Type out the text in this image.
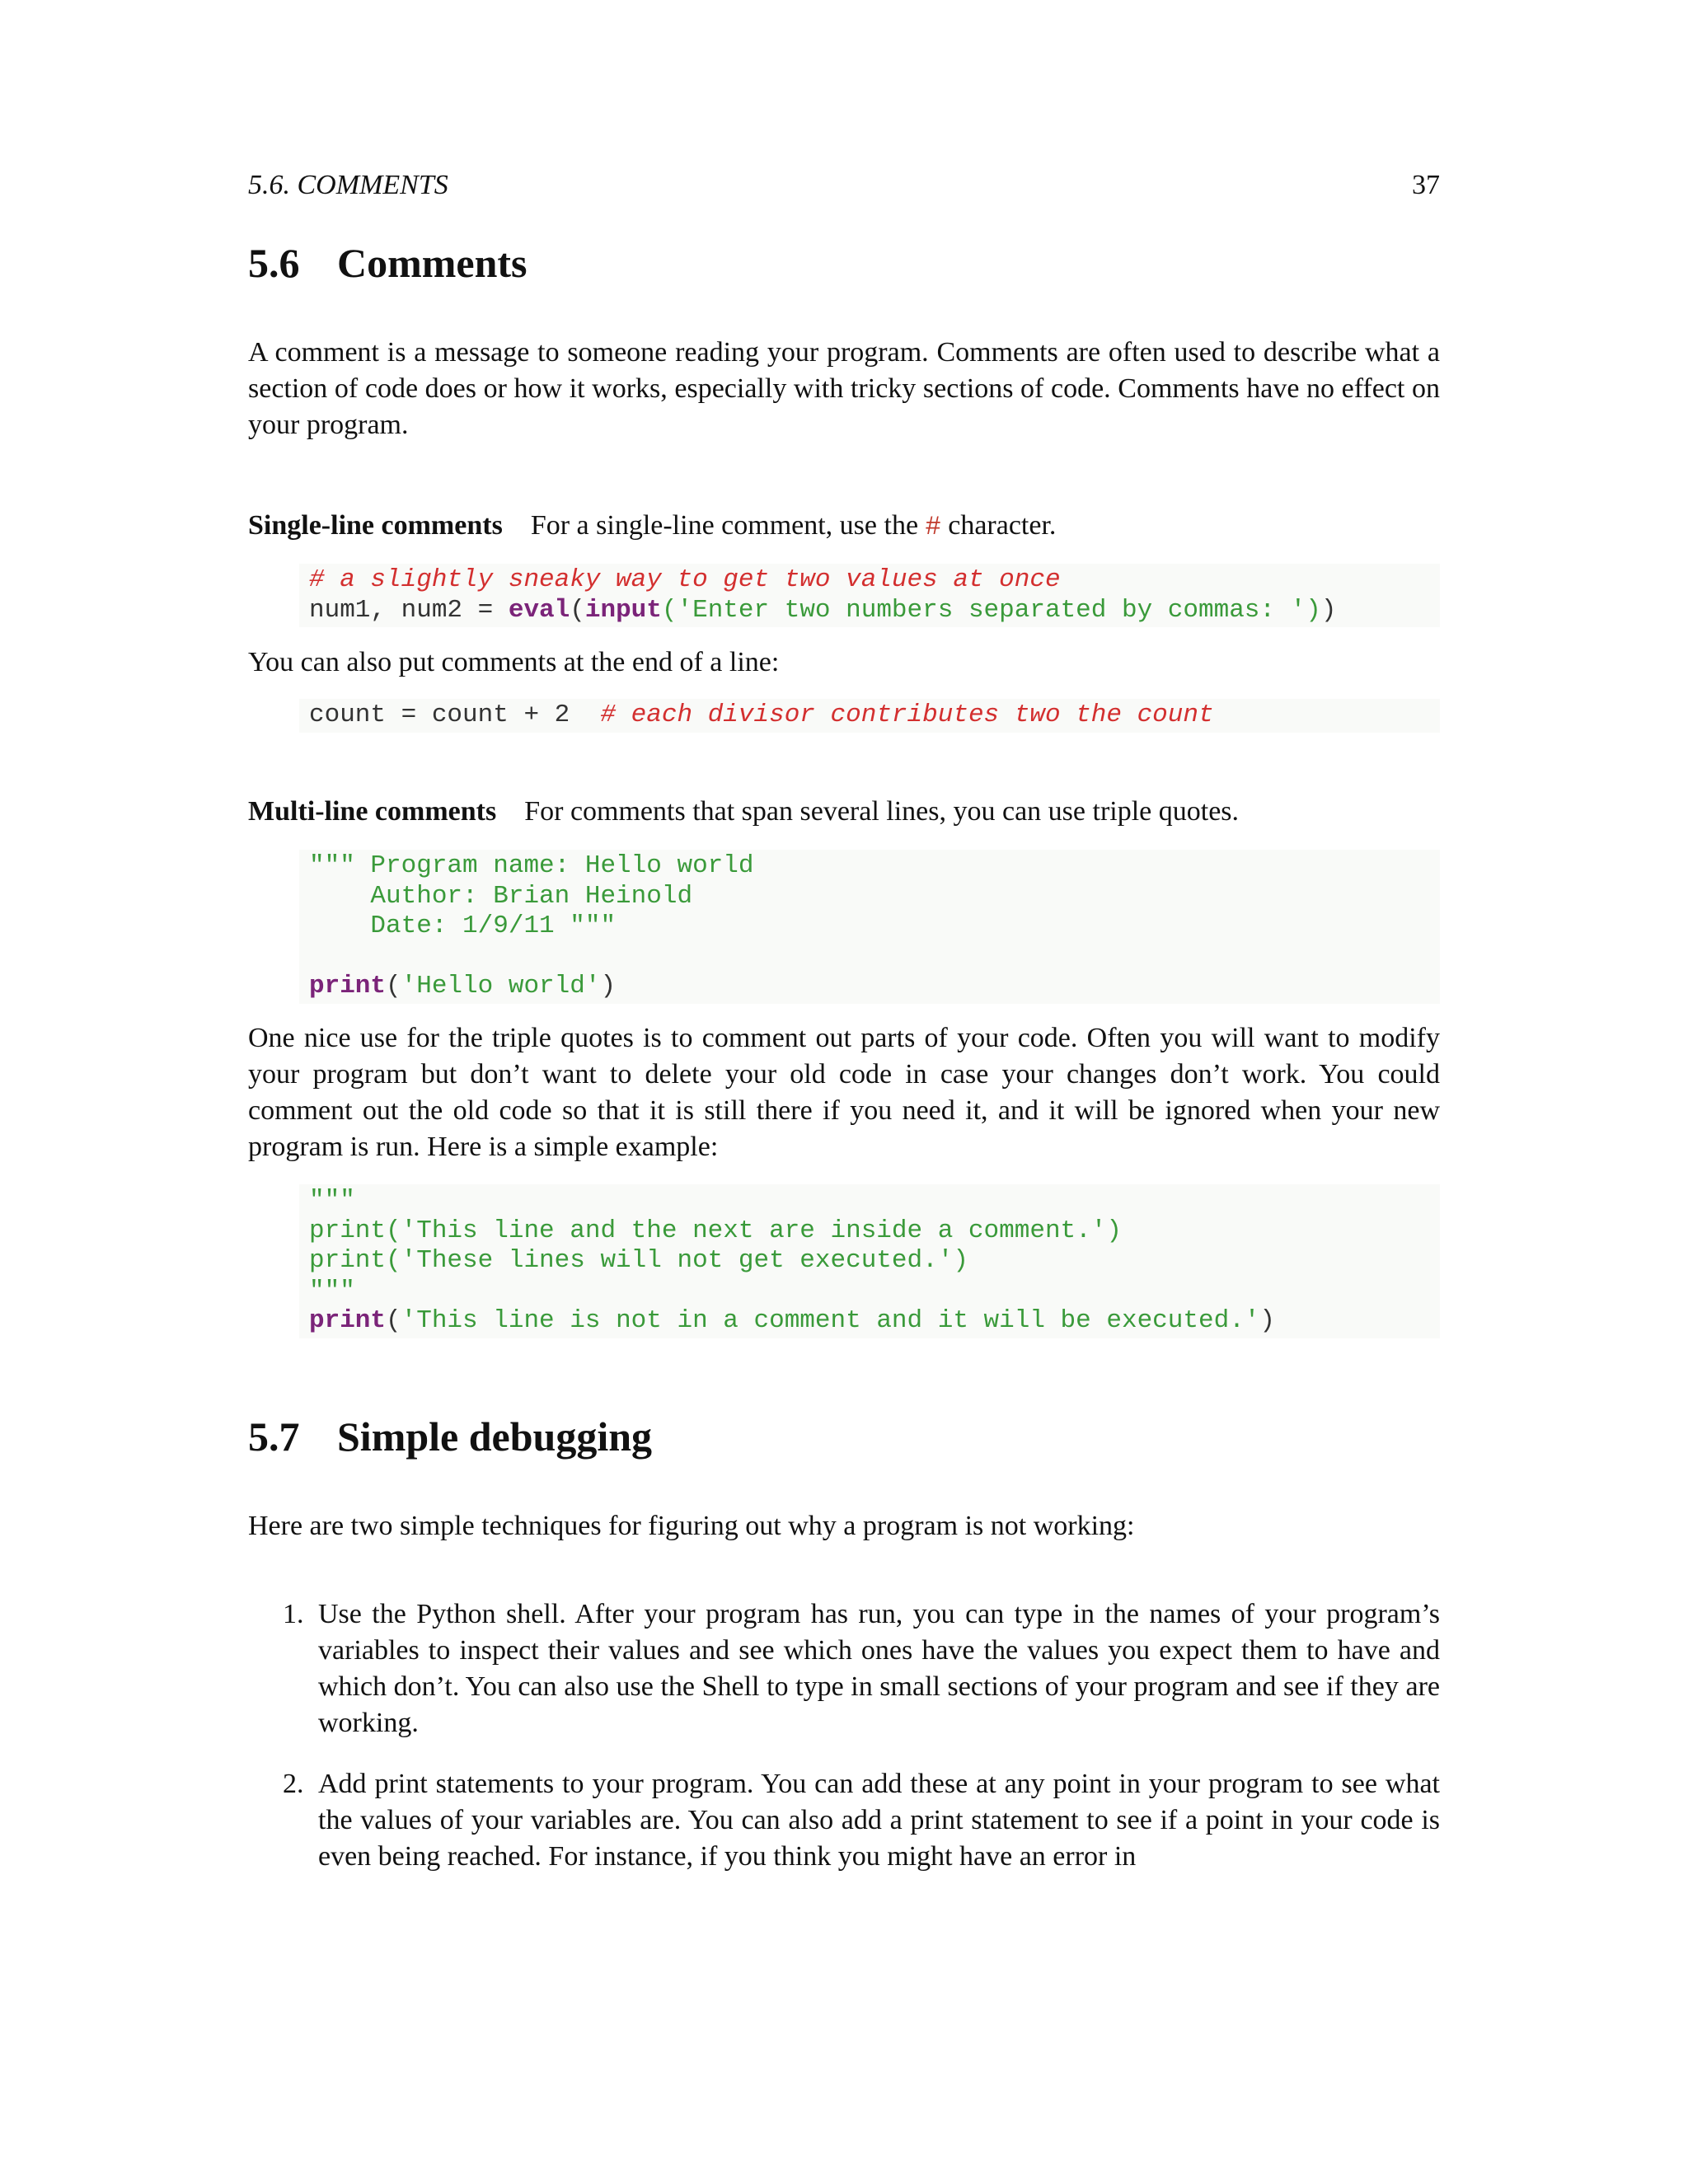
5.6. COMMENTS	37
5.6 Comments

A comment is a message to someone reading your program. Comments are often used to describe what a section of code does or how it works, especially with tricky sections of code. Comments have no effect on your program.

Single-line comments For a single-line comment, use the # character.
# a slightly sneaky way to get two values at once
num1, num2 = eval(input('Enter two numbers separated by commas: '))

You can also put comments at the end of a line:

count = count + 2  # each divisor contributes two the count
Multi-line comments For comments that span several lines, you can use triple quotes.
""" Program name: Hello world
Author: Brian Heinold
Date: 1/9/11 """
print('Hello world')

One nice use for the triple quotes is to comment out parts of your code. Often you will want to modify your program but don’t want to delete your old code in case your changes don’t work. You could comment out the old code so that it is still there if you need it, and it will be ignored when your new program is run. Here is a simple example:

"""
print('This line and the next are inside a comment.')
print('These lines will not get executed.')
"""
print('This line is not in a comment and it will be executed.')
5.7 Simple debugging

Here are two simple techniques for figuring out why a program is not working:

1. Use the Python shell. After your program has run, you can type in the names of your program’s variables to inspect their values and see which ones have the values you expect them to have and which don’t. You can also use the Shell to type in small sections of your program and see if they are working.
2. Add print statements to your program. You can add these at any point in your program to see what the values of your variables are. You can also add a print statement to see if a point in your code is even being reached. For instance, if you think you might have an error in
